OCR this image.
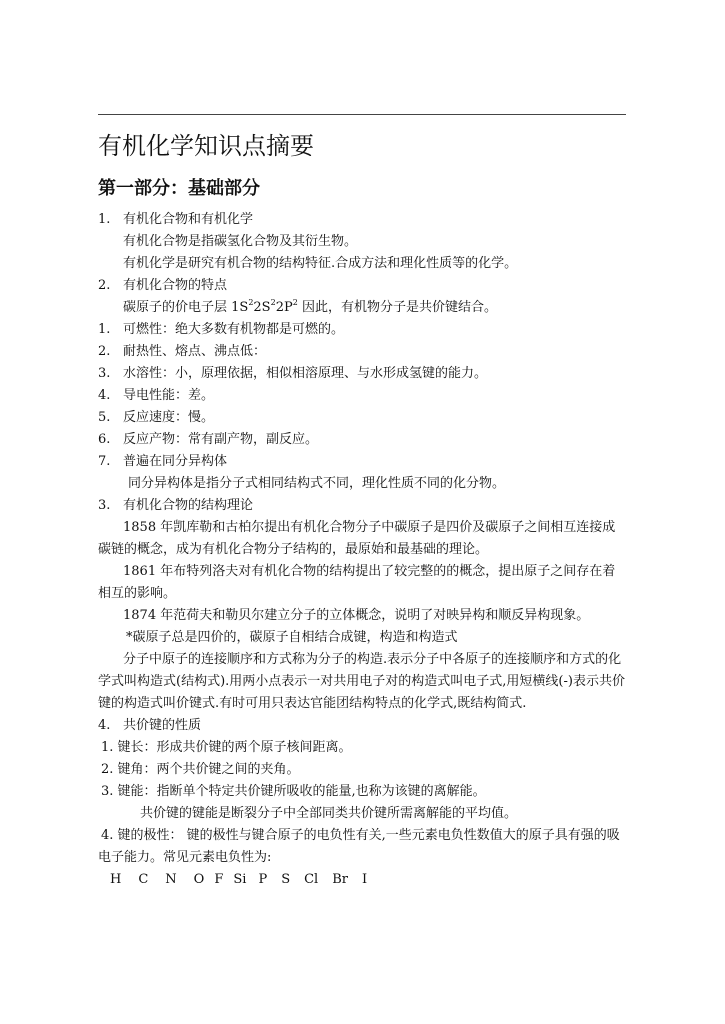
有机化学知识点摘要
第一部分：基础部分
1. 有机化合物和有机化学
有机化合物是指碳氢化合物及其衍生物。
有机化学是研究有机合物的结构特征.合成方法和理化性质等的化学。
2. 有机化合物的特点
碳原子的价电子层 $1S^22S^22P^2$ 因此，有机物分子是共价键结合。
1. 可燃性：绝大多数有机物都是可燃的。
2. 耐热性、熔点、沸点低：
3. 水溶性：小，原理依据，相似相溶原理、与水形成氢键的能力。
4. 导电性能：差。
5. 反应速度：慢。
6. 反应产物：常有副产物，副反应。
7. 普遍在同分异构体
同分异构体是指分子式相同结构式不同，理化性质不同的化分物。
3. 有机化合物的结构理论
1858 年凯库勒和古柏尔提出有机化合物分子中碳原子是四价及碳原子之间相互连接成碳链的概念，成为有机化合物分子结构的，最原始和最基础的理论。
1861 年布特列洛夫对有机化合物的结构提出了较完整的的概念，提出原子之间存在着相互的影响。
1874 年范荷夫和勒贝尔建立分子的立体概念，说明了对映异构和顺反异构现象。
*碳原子总是四价的，碳原子自相结合成键，构造和构造式
分子中原子的连接顺序和方式称为分子的构造.表示分子中各原子的连接顺序和方式的化学式叫构造式(结构式).用两小点表示一对共用电子对的构造式叫电子式,用短横线(-)表示共价键的构造式叫价键式.有时可用只表达官能团结构特点的化学式,既结构简式.
4. 共价键的性质
1. 键长：形成共价键的两个原子核间距离。
2. 键角：两个共价键之间的夹角。
3. 键能：指断单个特定共价键所吸收的能量,也称为该键的离解能。
共价键的键能是断裂分子中全部同类共价键所需离解能的平均值。
4. 键的极性： 键的极性与键合原子的电负性有关,一些元素电负性数值大的原子具有强的吸电子能力。常见元素电负性为:
H C N O F Si P S Cl Br I
